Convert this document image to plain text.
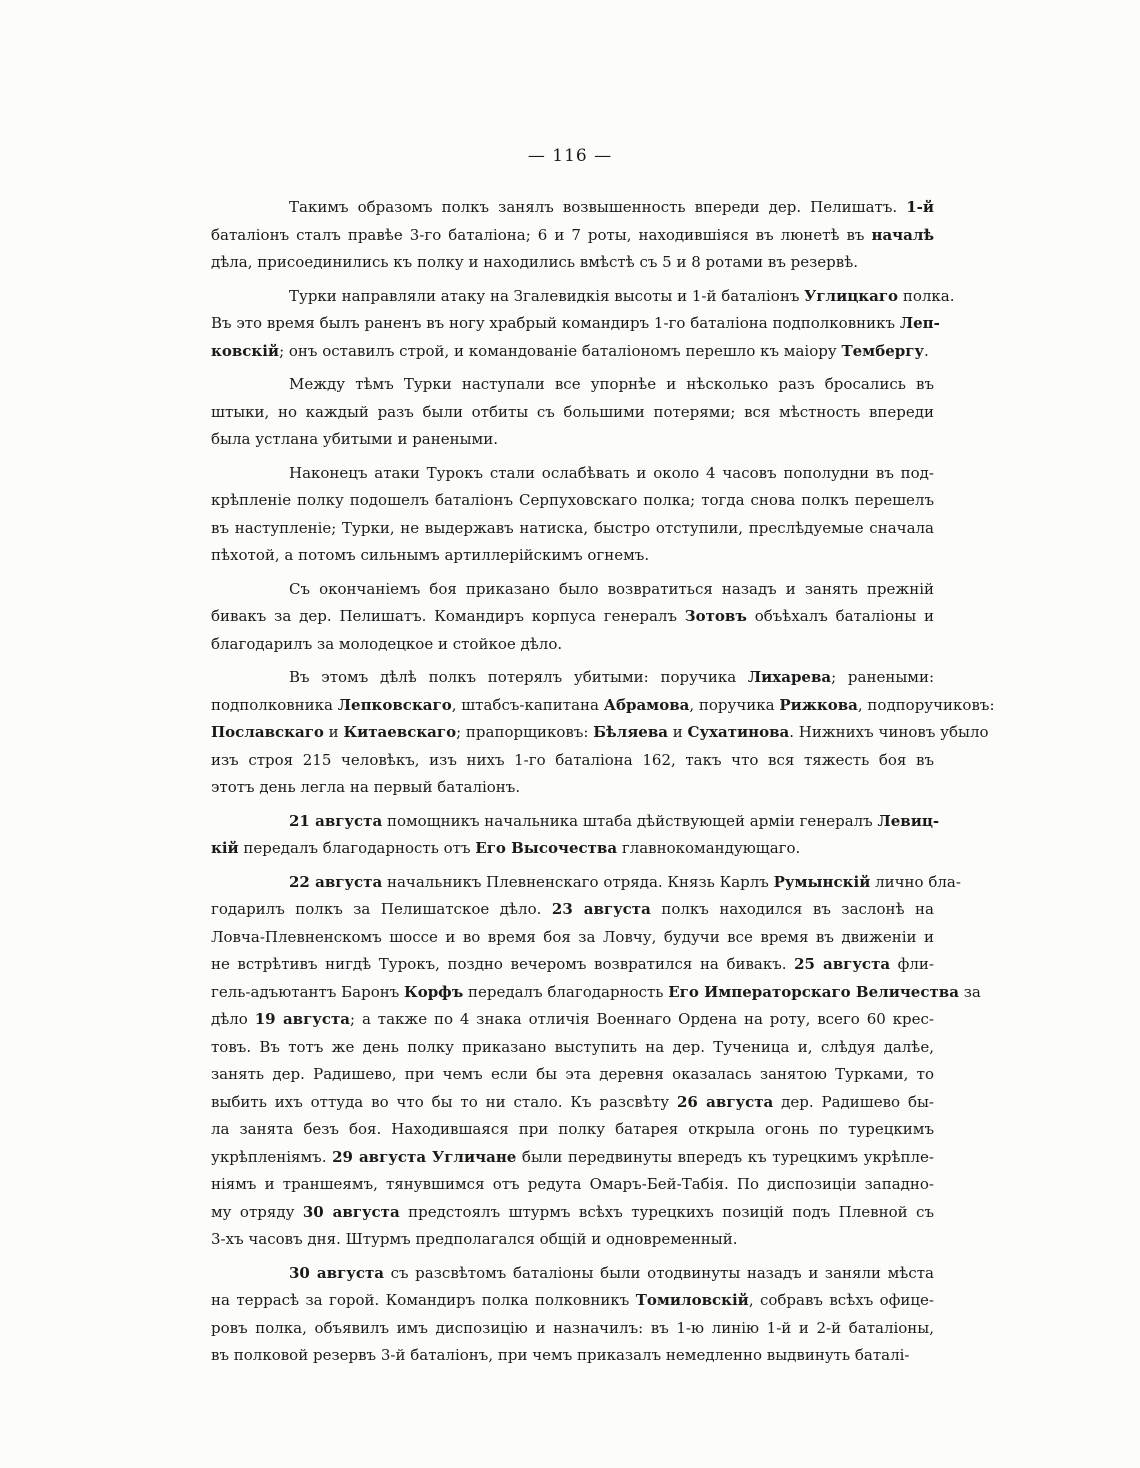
— 116 —
Такимъ образомъ полкъ занялъ возвышенность впереди дер. Пелишатъ. 1-й
баталіонъ сталъ правѣе 3-го баталіона; 6 и 7 роты, находившіяся въ люнетѣ въ началѣ
дѣла, присоединились къ полку и находились вмѣстѣ съ 5 и 8 ротами въ резервѣ.
Турки направляли атаку на Згалевидкія высоты и 1-й баталіонъ Углицкаго полка.
Въ это время былъ раненъ въ ногу храбрый командиръ 1-го баталіона подполковникъ Леп-
ковскій; онъ оставилъ строй, и командованіе баталіономъ перешло къ маіору Тембергу.
Между тѣмъ Турки наступали все упорнѣе и нѣсколько разъ бросались въ
штыки, но каждый разъ были отбиты съ большими потерями; вся мѣстность впереди
была устлана убитыми и ранеными.
Наконецъ атаки Турокъ стали ослабѣвать и около 4 часовъ пополудни въ под-
крѣпленіе полку подошелъ баталіонъ Серпуховскаго полка; тогда снова полкъ перешелъ
въ наступленіе; Турки, не выдержавъ натиска, быстро отступили, преслѣдуемые сначала
пѣхотой, а потомъ сильнымъ артиллерійскимъ огнемъ.
Съ окончаніемъ боя приказано было возвратиться назадъ и занять прежній
бивакъ за дер. Пелишатъ. Командиръ корпуса генералъ Зотовъ объѣхалъ баталіоны и
благодарилъ за молодецкое и стойкое дѣло.
Въ этомъ дѣлѣ полкъ потерялъ убитыми: поручика Лихарева; ранеными:
подполковника Лепковскаго, штабсъ-капитана Абрамова, поручика Рижкова, подпоручиковъ:
Пославскаго и Китаевскаго; прапорщиковъ: Бѣляева и Сухатинова. Нижнихъ чиновъ убыло
изъ строя 215 человѣкъ, изъ нихъ 1-го баталіона 162, такъ что вся тяжесть боя въ
этотъ день легла на первый баталіонъ.
21 августа помощникъ начальника штаба дѣйствующей арміи генералъ Левиц-
кій передалъ благодарность отъ Его Высочества главнокомандующаго.
22 августа начальникъ Плевненскаго отряда. Князь Карлъ Румынскій лично бла-
годарилъ полкъ за Пелишатское дѣло. 23 августа полкъ находился въ заслонѣ на
Ловча-Плевненскомъ шоссе и во время боя за Ловчу, будучи все время въ движеніи и
не встрѣтивъ нигдѣ Турокъ, поздно вечеромъ возвратился на бивакъ. 25 августа фли-
гель-адъютантъ Баронъ Корфъ передалъ благодарность Его Императорскаго Величества за
дѣло 19 августа; а также по 4 знака отличія Военнаго Ордена на роту, всего 60 крес-
товъ. Въ тотъ же день полку приказано выступить на дер. Тученица и, слѣдуя далѣе,
занять дер. Радишево, при чемъ если бы эта деревня оказалась занятою Турками, то
выбить ихъ оттуда во что бы то ни стало. Къ разсвѣту 26 августа дер. Радишево бы-
ла занята безъ боя. Находившаяся при полку батарея открыла огонь по турецкимъ
укрѣпленіямъ. 29 августа Угличане были передвинуты впередъ къ турецкимъ укрѣпле-
ніямъ и траншеямъ, тянувшимся отъ редута Омаръ-Бей-Табія. По диспозиціи западно-
му отряду 30 августа предстоялъ штурмъ всѣхъ турецкихъ позицій подъ Плевной съ
3-хъ часовъ дня. Штурмъ предполагался общій и одновременный.
30 августа съ разсвѣтомъ баталіоны были отодвинуты назадъ и заняли мѣста
на террасѣ за горой. Командиръ полка полковникъ Томиловскій, собравъ всѣхъ офице-
ровъ полка, объявилъ имъ диспозицію и назначилъ: въ 1-ю линію 1-й и 2-й баталіоны,
въ полковой резервъ 3-й баталіонъ, при чемъ приказалъ немедленно выдвинуть баталі-
